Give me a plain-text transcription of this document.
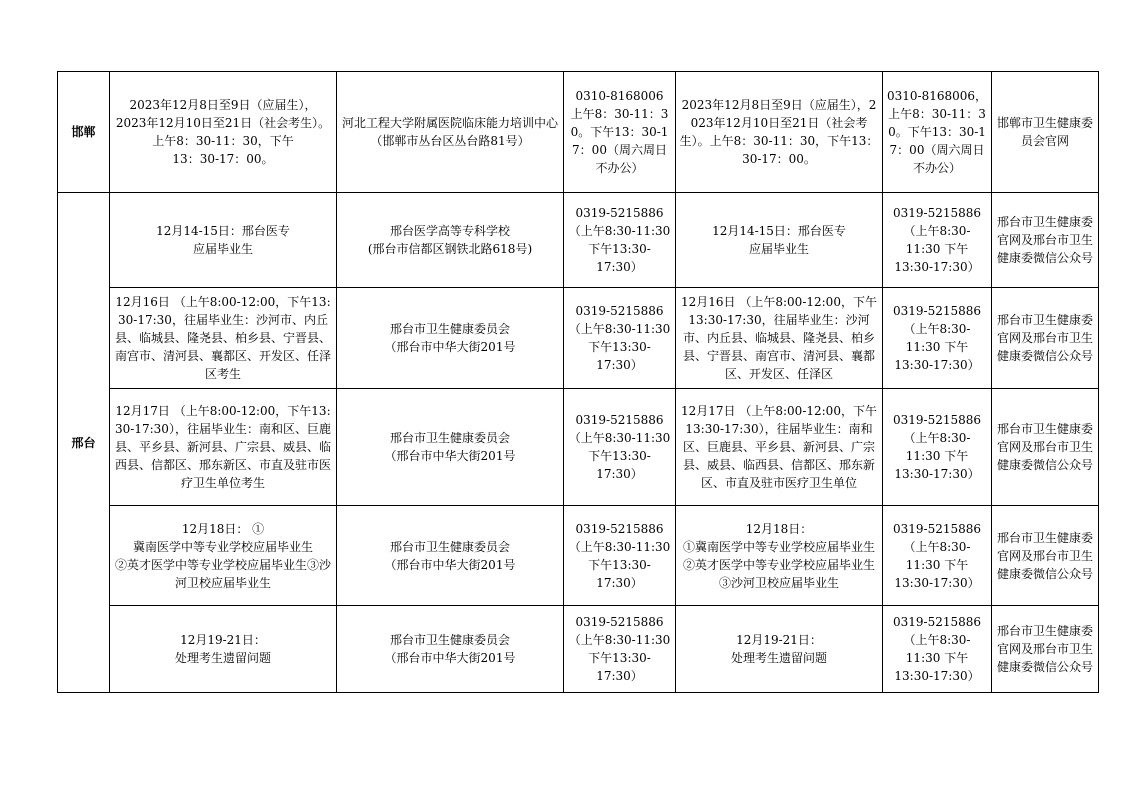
邯郸	2023年12月8日至9日（应届生），
2023年12月10日至21日（社会考生）。上午8：30-11：30，下午
13：30-17：00。	河北工程大学附属医院临床能力培训中心
（邯郸市丛台区丛台路81号）	0310-8168006
上午8：30-11：30。下午13：30-17：00（周六周日不办公）	2023年12月8日至9日（应届生），2023年12月10日至21日（社会考生）。上午8：30-11：30，下午13：30-17：00。	0310-8168006，上午8：30-11：30。下午13：30-17：00（周六周日不办公）	邯郸市卫生健康委员会官网
邢台	12月14-15日：邢台医专
应届毕业生	邢台医学高等专科学校
(邢台市信都区钢铁北路618号)	0319-5215886
（上午8:30-11:30
下午13:30-
17:30）	12月14-15日：邢台医专
应届毕业生	0319-5215886
（上午8:30-
11:30 下午
13:30-17:30）	邢台市卫生健康委官网及邢台市卫生健康委微信公众号
	12月16日 （上午8:00-12:00，下午13:30-17:30，往届毕业生：沙河市、内丘县、临城县、隆尧县、柏乡县、宁晋县、南宫市、清河县、襄都区、开发区、任泽区考生	邢台市卫生健康委员会
（邢台市中华大街201号	0319-5215886
（上午8:30-11:30
下午13:30-
17:30）	12月16日 （上午8:00-12:00，下午13:30-17:30，往届毕业生：沙河市、内丘县、临城县、隆尧县、柏乡县、宁晋县、南宫市、清河县、襄都区、开发区、任泽区	0319-5215886
（上午8:30-
11:30 下午
13:30-17:30）	邢台市卫生健康委官网及邢台市卫生健康委微信公众号
	12月17日 （上午8:00-12:00，下午13:30-17:30），往届毕业生：南和区、巨鹿县、平乡县、新河县、广宗县、威县、临西县、信都区、邢东新区、市直及驻市医疗卫生单位考生	邢台市卫生健康委员会
（邢台市中华大街201号	0319-5215886
（上午8:30-11:30
下午13:30-
17:30）	12月17日 （上午8:00-12:00，下午13:30-17:30），往届毕业生：南和区、巨鹿县、平乡县、新河县、广宗县、威县、临西县、信都区、邢东新区、市直及驻市医疗卫生单位	0319-5215886
（上午8:30-
11:30 下午
13:30-17:30）	邢台市卫生健康委官网及邢台市卫生健康委微信公众号
	12月18日： ①
冀南医学中等专业学校应届毕业生
②英才医学中等专业学校应届毕业生③沙河卫校应届毕业生	邢台市卫生健康委员会
（邢台市中华大街201号	0319-5215886
（上午8:30-11:30
下午13:30-
17:30）	12月18日：
①冀南医学中等专业学校应届毕业生
②英才医学中等专业学校应届毕业生③沙河卫校应届毕业生	0319-5215886
（上午8:30-
11:30 下午
13:30-17:30）	邢台市卫生健康委官网及邢台市卫生健康委微信公众号
	12月19-21日：
处理考生遗留问题	邢台市卫生健康委员会
（邢台市中华大街201号	0319-5215886
（上午8:30-11:30
下午13:30-
17:30）	12月19-21日：
处理考生遗留问题	0319-5215886
（上午8:30-
11:30 下午
13:30-17:30）	邢台市卫生健康委官网及邢台市卫生健康委微信公众号
